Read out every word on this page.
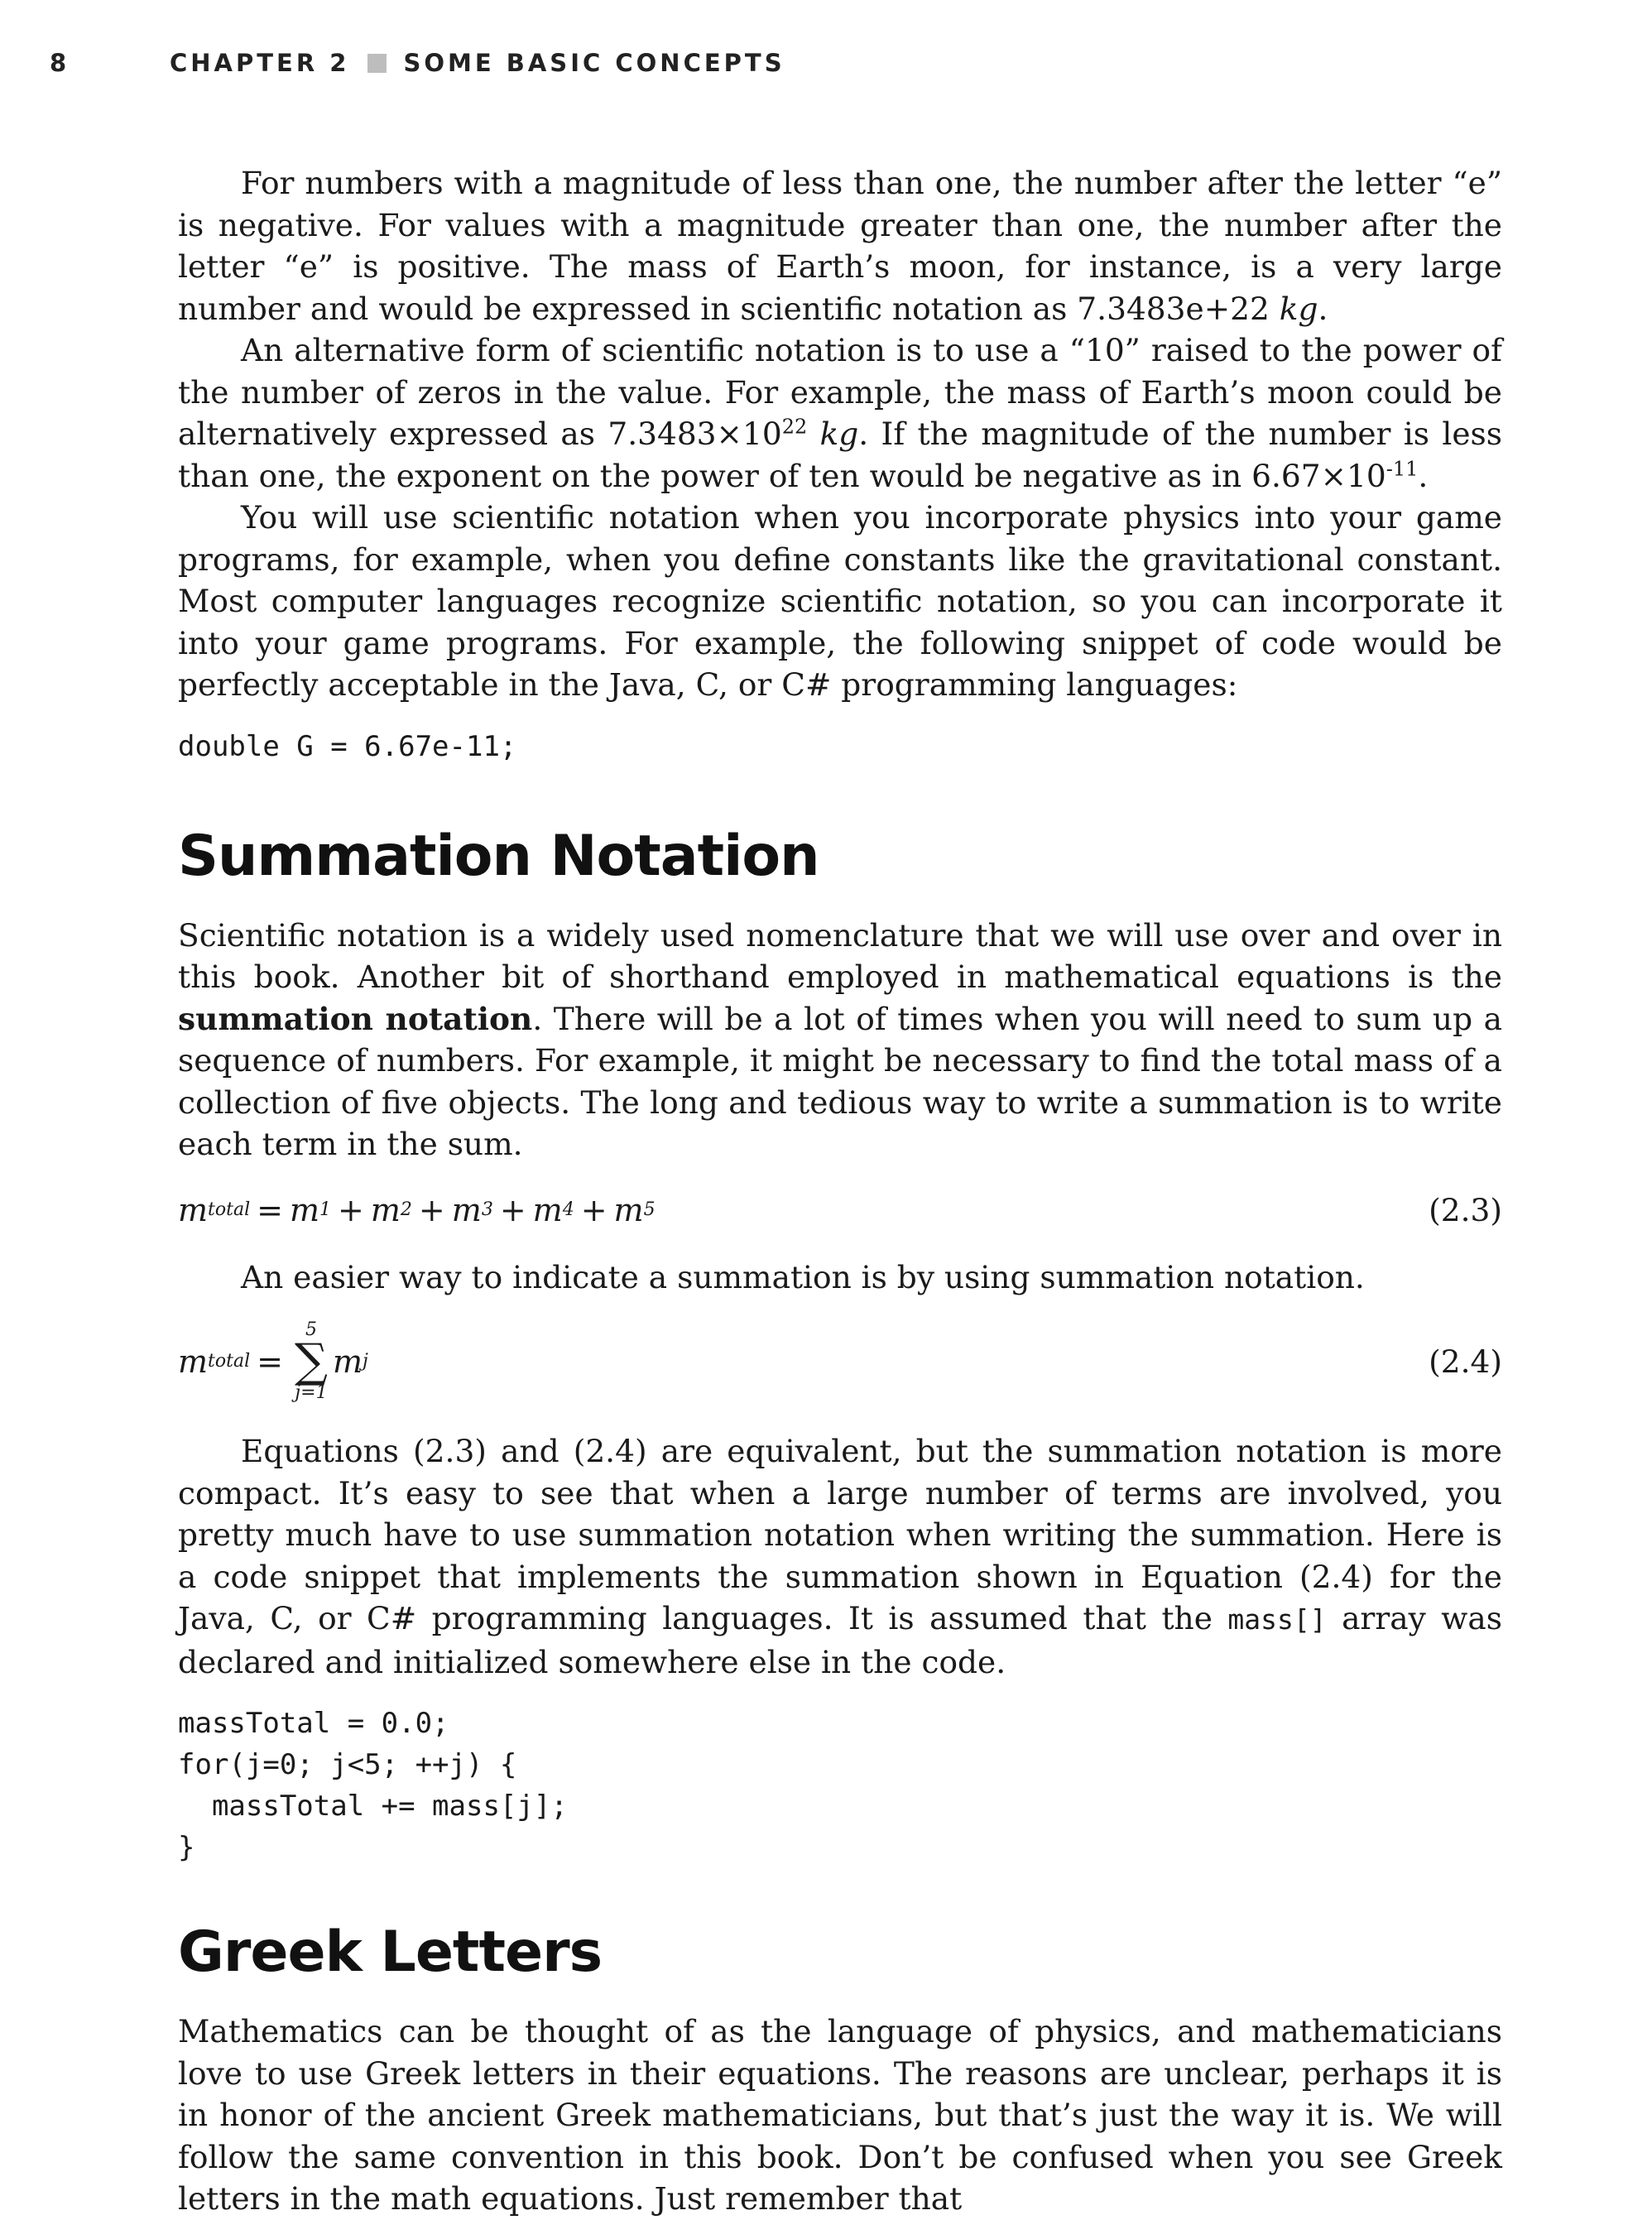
8	CHAPTER 2 SOME BASIC CONCEPTS

For numbers with a magnitude of less than one, the number after the letter “e” is negative. For values with a magnitude greater than one, the number after the letter “e” is positive. The mass of Earth’s moon, for instance, is a very large number and would be expressed in scientific notation as 7.3483e+22 kg.

An alternative form of scientific notation is to use a “10” raised to the power of the number of zeros in the value. For example, the mass of Earth’s moon could be alternatively expressed as $7.3483\times 10^{22}$ kg. If the magnitude of the number is less than one, the exponent on the power of ten would be negative as in $6.67\times 10^{-11}$.

You will use scientific notation when you incorporate physics into your game programs, for example, when you define constants like the gravitational constant. Most computer languages recognize scientific notation, so you can incorporate it into your game programs. For example, the following snippet of code would be perfectly acceptable in the Java, C, or C# programming languages:

double G = 6.67e-11;

Summation Notation

Scientific notation is a widely used nomenclature that we will use over and over in this book. Another bit of shorthand employed in mathematical equations is the summation notation. There will be a lot of times when you will need to sum up a sequence of numbers. For example, it might be necessary to find the total mass of a collection of five objects. The long and tedious way to write a summation is to write each term in the sum.

m total = m 1 + m 2 + m 3 + m 4 + m 5	(2.3)

An easier way to indicate a summation is by using summation notation.

m total =
5
∑
j=1
m j	(2.4)

Equations (2.3) and (2.4) are equivalent, but the summation notation is more compact. It’s easy to see that when a large number of terms are involved, you pretty much have to use summation notation when writing the summation. Here is a code snippet that implements the summation shown in Equation (2.4) for the Java, C, or C# programming languages. It is assumed that the mass[] array was declared and initialized somewhere else in the code.

massTotal = 0.0;
for(j=0; j<5; ++j) {
massTotal += mass[j];
}

Greek Letters

Mathematics can be thought of as the language of physics, and mathematicians love to use Greek letters in their equations. The reasons are unclear, perhaps it is in honor of the ancient Greek mathematicians, but that’s just the way it is. We will follow the same convention in this book. Don’t be confused when you see Greek letters in the math equations. Just remember that
